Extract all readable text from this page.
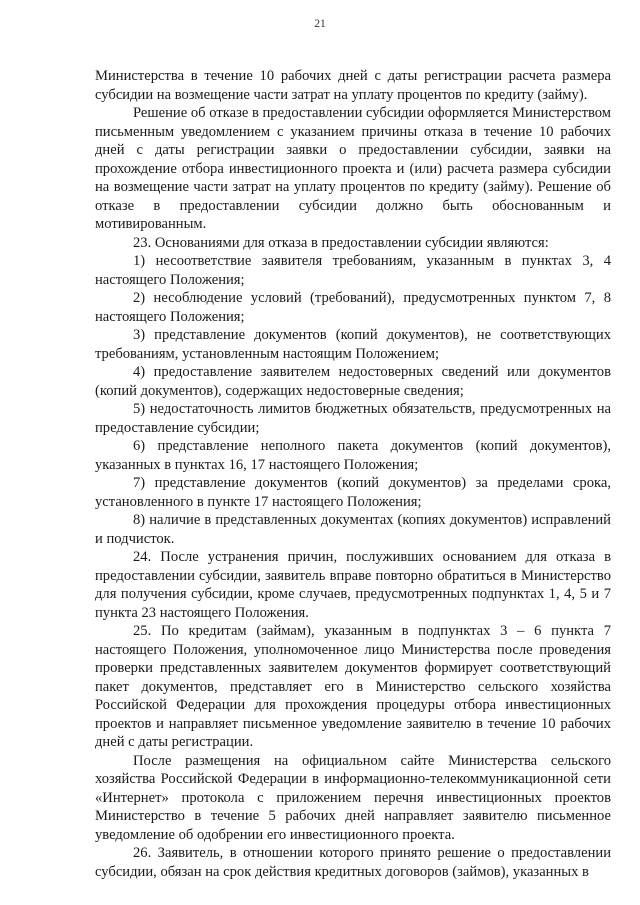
21

Министерства в течение 10 рабочих дней с даты регистрации расчета размера субсидии на возмещение части затрат на уплату процентов по кредиту (займу).

Решение об отказе в предоставлении субсидии оформляется Министерством письменным уведомлением с указанием причины отказа в течение 10 рабочих дней с даты регистрации заявки о предоставлении субсидии, заявки на прохождение отбора инвестиционного проекта и (или) расчета размера субсидии на возмещение части затрат на уплату процентов по кредиту (займу). Решение об отказе в предоставлении субсидии должно быть обоснованным и мотивированным.

23. Основаниями для отказа в предоставлении субсидии являются:

1) несоответствие заявителя требованиям, указанным в пунктах 3, 4 настоящего Положения;

2) несоблюдение условий (требований), предусмотренных пунктом 7, 8 настоящего Положения;

3) представление документов (копий документов), не соответствующих требованиям, установленным настоящим Положением;

4) предоставление заявителем недостоверных сведений или документов (копий документов), содержащих недостоверные сведения;

5) недостаточность лимитов бюджетных обязательств, предусмотренных на предоставление субсидии;

6) представление неполного пакета документов (копий документов), указанных в пунктах 16, 17 настоящего Положения;

7) представление документов (копий документов) за пределами срока, установленного в пункте 17 настоящего Положения;

8) наличие в представленных документах (копиях документов) исправлений и подчисток.

24. После устранения причин, послуживших основанием для отказа в предоставлении субсидии, заявитель вправе повторно обратиться в Министерство для получения субсидии, кроме случаев, предусмотренных подпунктах 1, 4, 5 и 7 пункта 23 настоящего Положения.

25. По кредитам (займам), указанным в подпунктах 3 – 6 пункта 7 настоящего Положения, уполномоченное лицо Министерства после проведения проверки представленных заявителем документов формирует соответствующий пакет документов, представляет его в Министерство сельского хозяйства Российской Федерации для прохождения процедуры отбора инвестиционных проектов и направляет письменное уведомление заявителю в течение 10 рабочих дней с даты регистрации.

После размещения на официальном сайте Министерства сельского хозяйства Российской Федерации в информационно-телекоммуникационной сети «Интернет» протокола с приложением перечня инвестиционных проектов Министерство в течение 5 рабочих дней направляет заявителю письменное уведомление об одобрении его инвестиционного проекта.

26. Заявитель, в отношении которого принято решение о предоставлении субсидии, обязан на срок действия кредитных договоров (займов), указанных в
